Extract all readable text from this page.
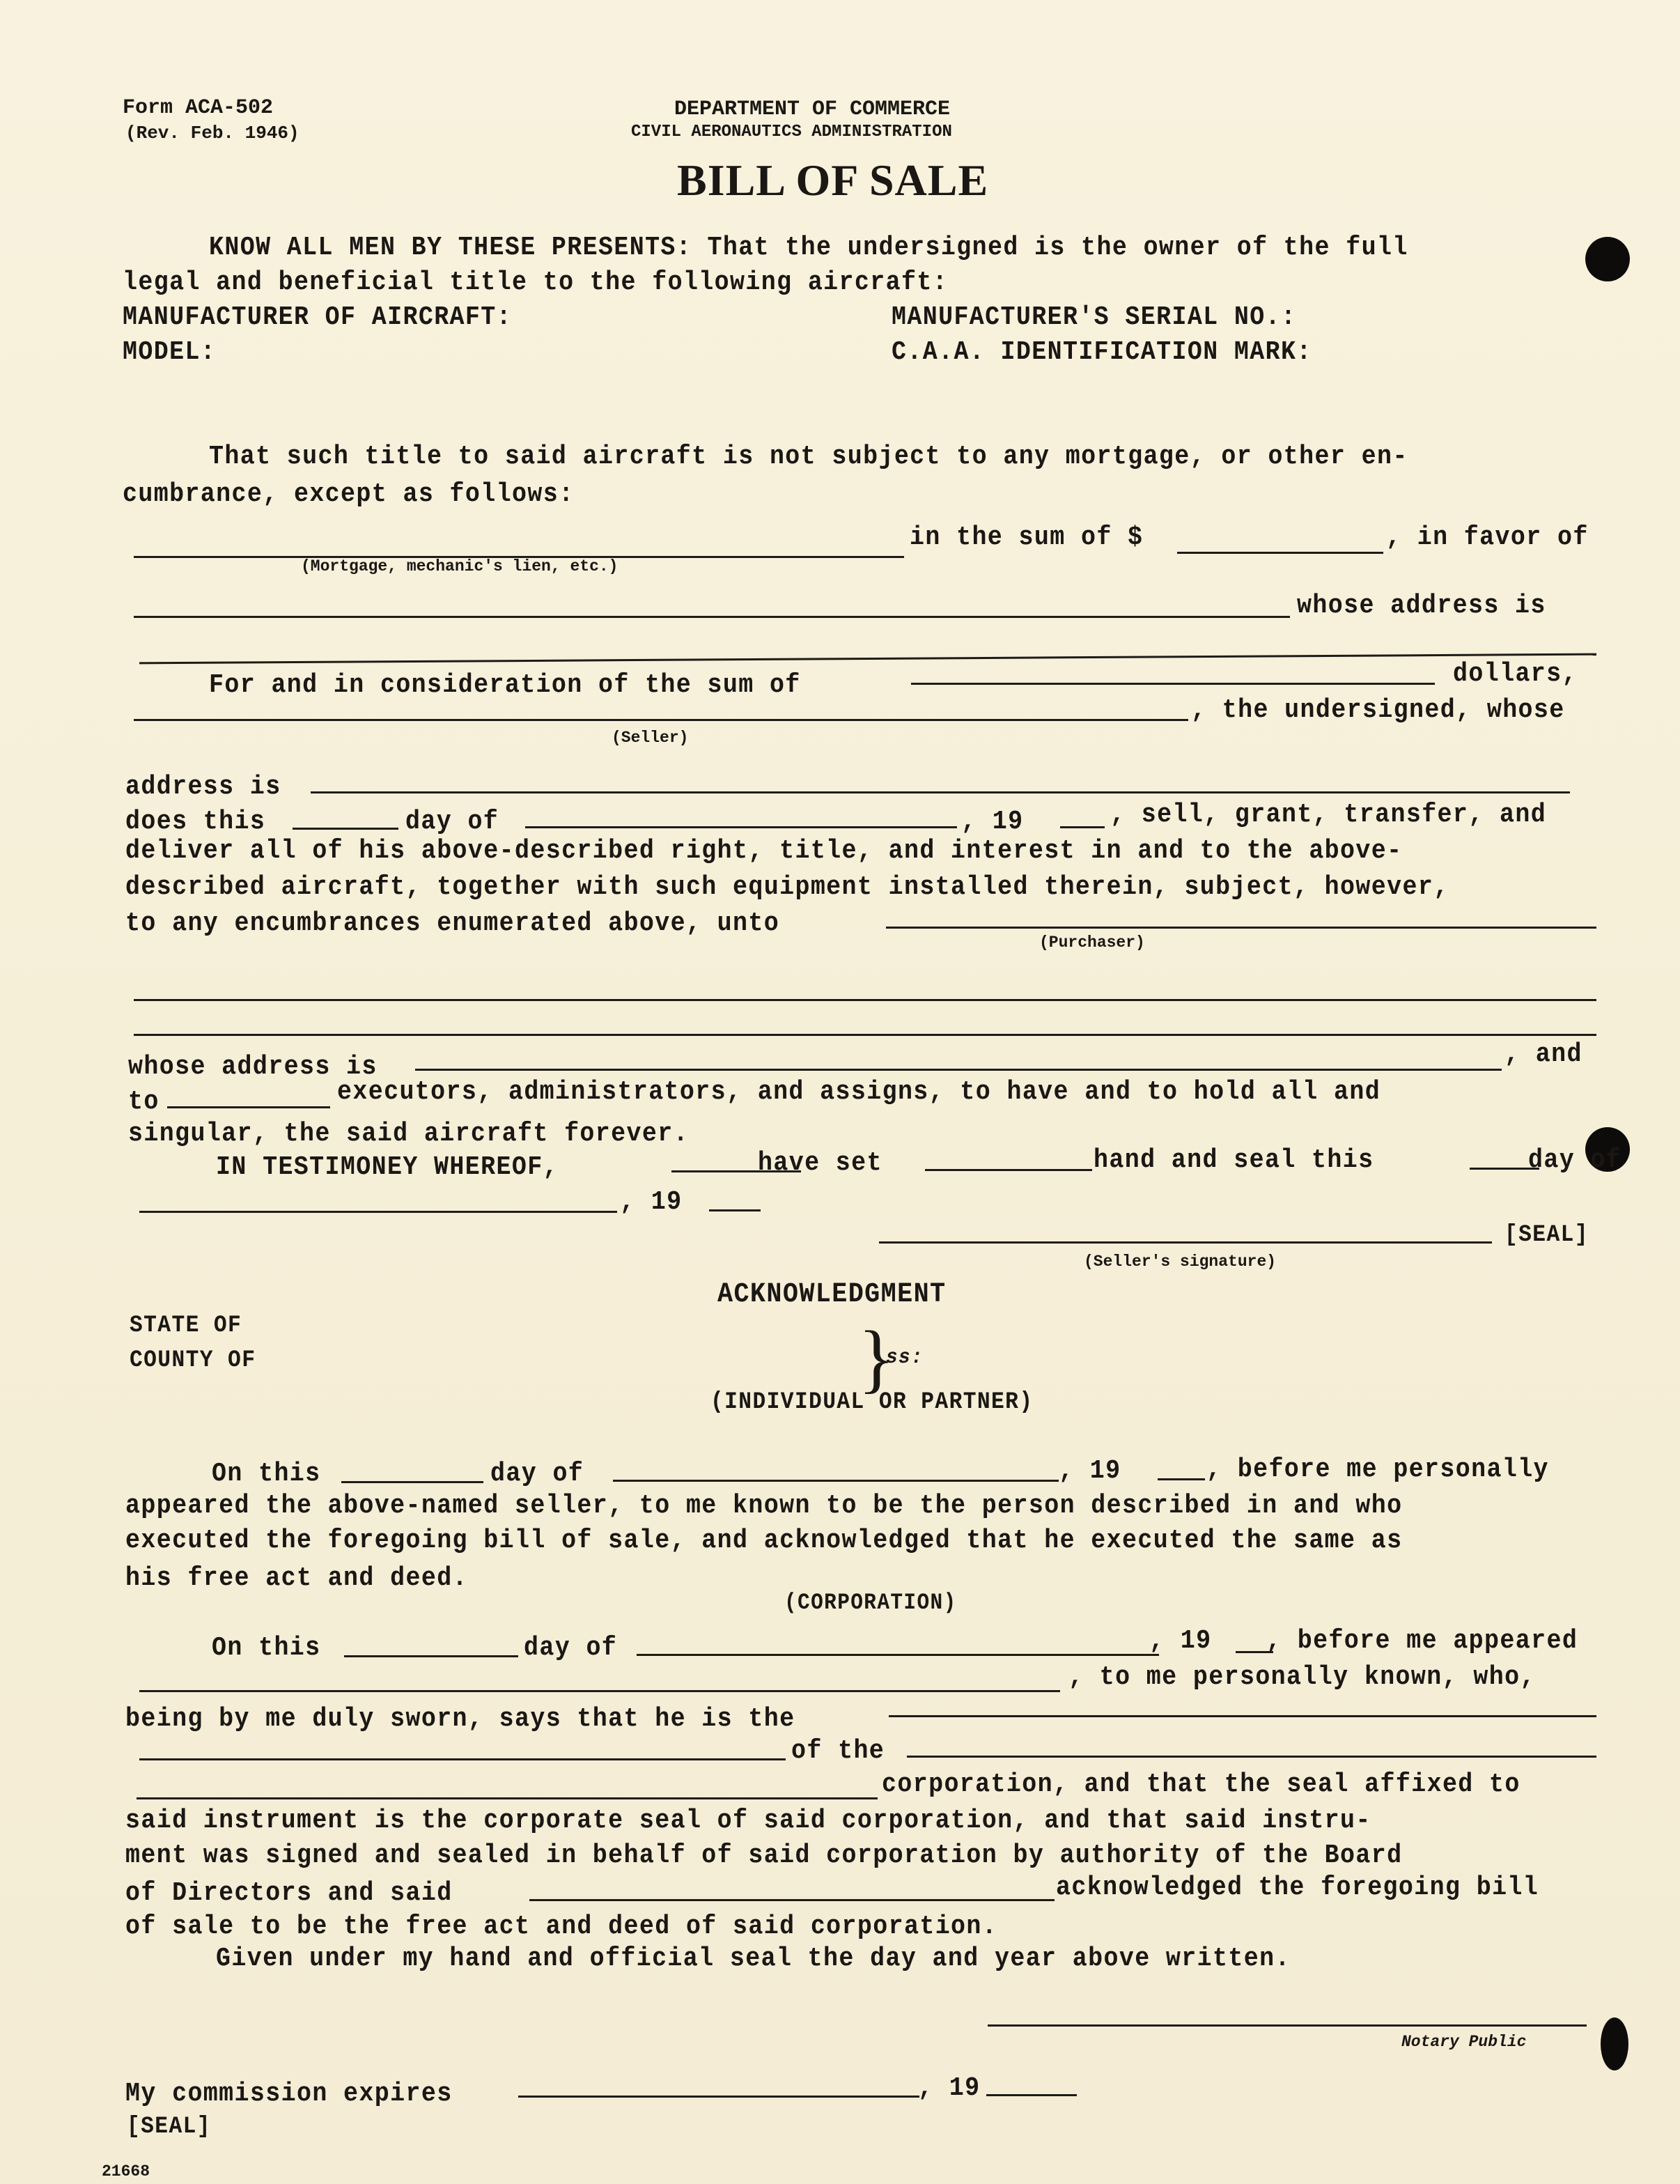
Form ACA-502
(Rev. Feb. 1946)
DEPARTMENT OF COMMERCE
CIVIL AERONAUTICS ADMINISTRATION
BILL OF SALE
KNOW ALL MEN BY THESE PRESENTS: That the undersigned is the owner of the full
legal and beneficial title to the following aircraft:
MANUFACTURER OF AIRCRAFT:	MANUFACTURER'S SERIAL NO.:
MODEL:	C.A.A. IDENTIFICATION MARK:
That such title to said aircraft is not subject to any mortgage, or other en-
cumbrance, except as follows:
in the sum of $	, in favor of
(Mortgage, mechanic's lien, etc.)
whose address is
For and in consideration of the sum of	dollars,
, the undersigned, whose
(Seller)
address is
does this	day of	, 19	, sell, grant, transfer, and
deliver all of his above-described right, title, and interest in and to the above-
described aircraft, together with such equipment installed therein, subject, however,
to any encumbrances enumerated above, unto
(Purchaser)
whose address is	, and
to	executors, administrators, and assigns, to have and to hold all and
singular, the said aircraft forever.
IN TESTIMONEY WHEREOF,	have set	hand and seal this	day of
, 19
[SEAL]
(Seller's signature)
ACKNOWLEDGMENT
STATE OF
COUNTY OF	}
ss:
(INDIVIDUAL OR PARTNER)
On this	day of	, 19	, before me personally
appeared the above-named seller, to me known to be the person described in and who
executed the foregoing bill of sale, and acknowledged that he executed the same as
his free act and deed.
(CORPORATION)
On this	day of	, 19 , before me appeared
, to me personally known, who,
being by me duly sworn, says that he is the
of the
corporation, and that the seal affixed to
said instrument is the corporate seal of said corporation, and that said instru-
ment was signed and sealed in behalf of said corporation by authority of the Board
of Directors and said	acknowledged the foregoing bill
of sale to be the free act and deed of said corporation.
Given under my hand and official seal the day and year above written.
Notary Public
My commission expires	, 19
[SEAL]
21668
